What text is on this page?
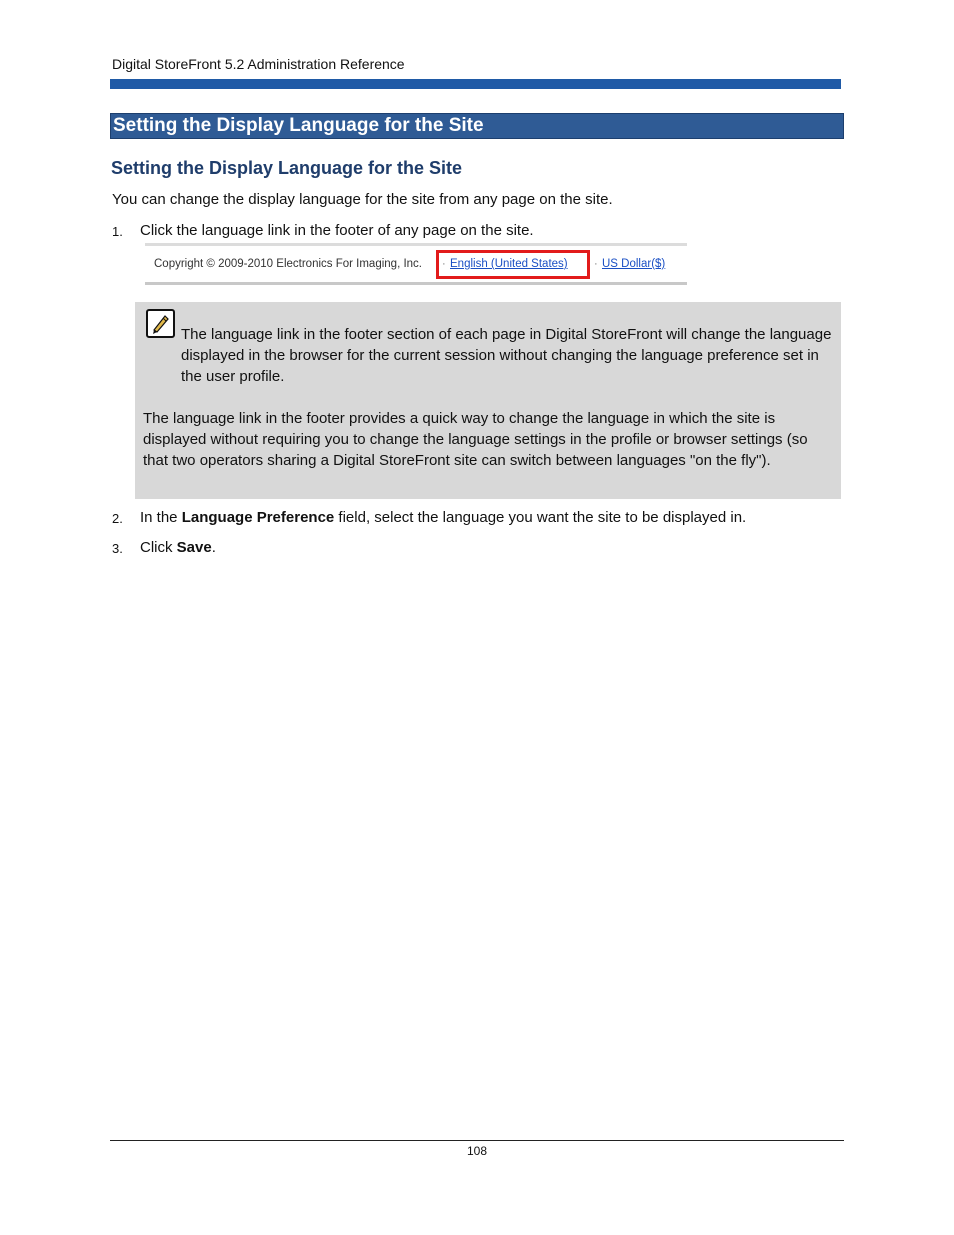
Digital StoreFront 5.2 Administration Reference
Setting the Display Language for the Site
Setting the Display Language for the Site
You can change the display language for the site from any page on the site.
1. Click the language link in the footer of any page on the site.
Copyright © 2009-2010 Electronics For Imaging, Inc. · English (United States) · US Dollar($)

The language link in the footer section of each page in Digital StoreFront will change the language displayed in the browser for the current session without changing the language preference set in the user profile.

The language link in the footer provides a quick way to change the language in which the site is displayed without requiring you to change the language settings in the profile or browser settings (so that two operators sharing a Digital StoreFront site can switch between languages "on the fly").

2. In the Language Preference field, select the language you want the site to be displayed in.
3. Click Save.
108
